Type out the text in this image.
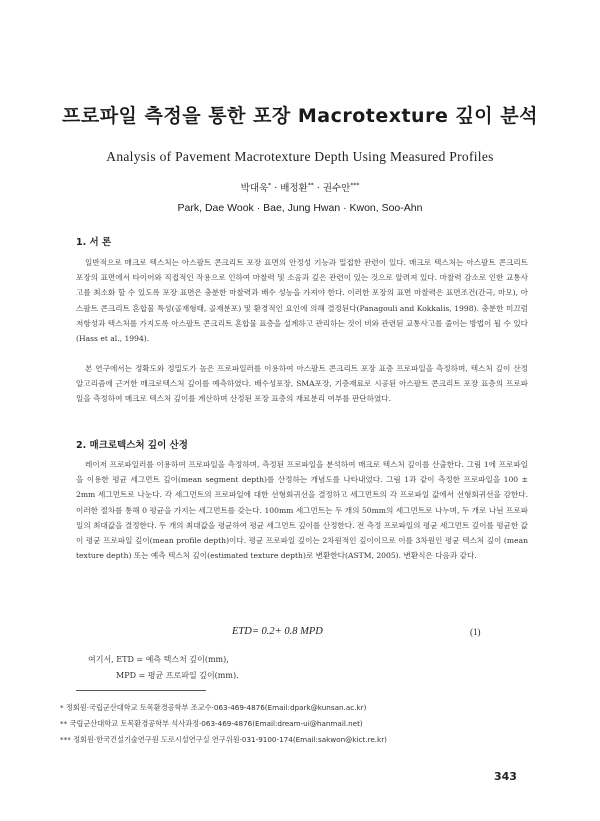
프로파일 측정을 통한 포장 Macrotexture 깊이 분석
Analysis of Pavement Macrotexture Depth Using Measured Profiles
박대욱* · 배정환** · 권수안***
Park, Dae Wook · Bae, Jung Hwan · Kwon, Soo-Ahn
1. 서 론

일반적으로 매크로 텍스처는 아스팔트 콘크리트 포장 표면의 안정성 기능과 밀접한 관련이 있다. 매크로 텍스처는 아스팔트 콘크리트 포장의 표면에서 타이어와 직접적인 작용으로 인하여 마찰력 및 소음과 깊은 관련이 있는 것으로 알려져 있다. 마찰력 감소로 인한 교통사고를 최소화 할 수 있도록 포장 표면은 충분한 마찰력과 배수 성능을 가져야 한다. 이러한 포장의 표면 마찰력은 표면조건(간극, 마모), 아스팔트 콘크리트 혼합물 특성(골재형태, 골재분포) 및 환경적인 요인에 의해 결정된다(Panagouli and Kokkalis, 1998). 충분한 미끄럼 저항성과 텍스처를 가지도록 아스팔트 콘크리트 혼합물 표층을 설계하고 관리하는 것이 비와 관련된 교통사고를 줄이는 방법이 될 수 있다(Hass et al., 1994).

본 연구에서는 정확도와 정밀도가 높은 프로파일러를 이용하여 아스팔트 콘크리트 포장 표층 프로파일을 측정하며, 텍스처 깊이 산정 알고리즘에 근거한 매크로텍스처 깊이를 예측하였다. 배수성포장, SMA포장, 기층재료로 시공된 아스팔트 콘크리트 포장 표층의 프로파일을 측정하여 매크로 텍스처 깊이를 계산하며 산정된 포장 표층의 재료분리 여부를 판단하였다.

2. 매크로텍스처 깊이 산정

레이저 프로파일러를 이용하여 프로파일을 측정하며, 측정된 프로파일을 분석하여 매크로 텍스처 깊이를 산출한다. 그림 1에 프로파일을 이용한 평균 세그먼트 깊이(mean segment depth)를 산정하는 개념도를 나타내었다. 그림 1과 같이 측정한 프로파일을 100 ± 2mm 세그먼트로 나눈다. 각 세그먼트의 프로파일에 대한 선형회귀선을 결정하고 세그먼트의 각 프로파일 값에서 선형회귀선을 감한다. 이러한 절차를 통해 0 평균을 가지는 세그먼트를 갖는다. 100mm 세그먼트는 두 개의 50mm의 세그먼트로 나누며, 두 개로 나뉜 프로파일의 최대값을 결정한다. 두 개의 최대값을 평균하여 평균 세그먼트 깊이를 산정한다. 전 측정 프로파일의 평균 세그먼트 깊이를 평균한 값이 평균 프로파일 깊이(mean profile depth)이다. 평균 프로파일 깊이는 2차원적인 깊이이므로 이를 3차원인 평균 텍스처 깊이 (mean texture depth) 또는 예측 텍스처 깊이(estimated texture depth)로 변환한다(ASTM, 2005). 변환식은 다음과 같다.

ETD= 0.2+ 0.8 MPD	(1)
여기서, ETD = 예측 텍스처 깊이(mm),
MPD = 평균 프로파일 깊이(mm).
* 정회원·국립군산대학교 토목환경공학부 조교수·063-469-4876(Email:dpark@kunsan.ac.kr)
** 국립군산대학교 토목환경공학부 석사과정·063-469-4876(Email:dream-ui@hanmail.net)
*** 정회원·한국건설기술연구원 도로시설연구실 연구위원·031-9100-174(Email:sakwon@kict.re.kr)
343
